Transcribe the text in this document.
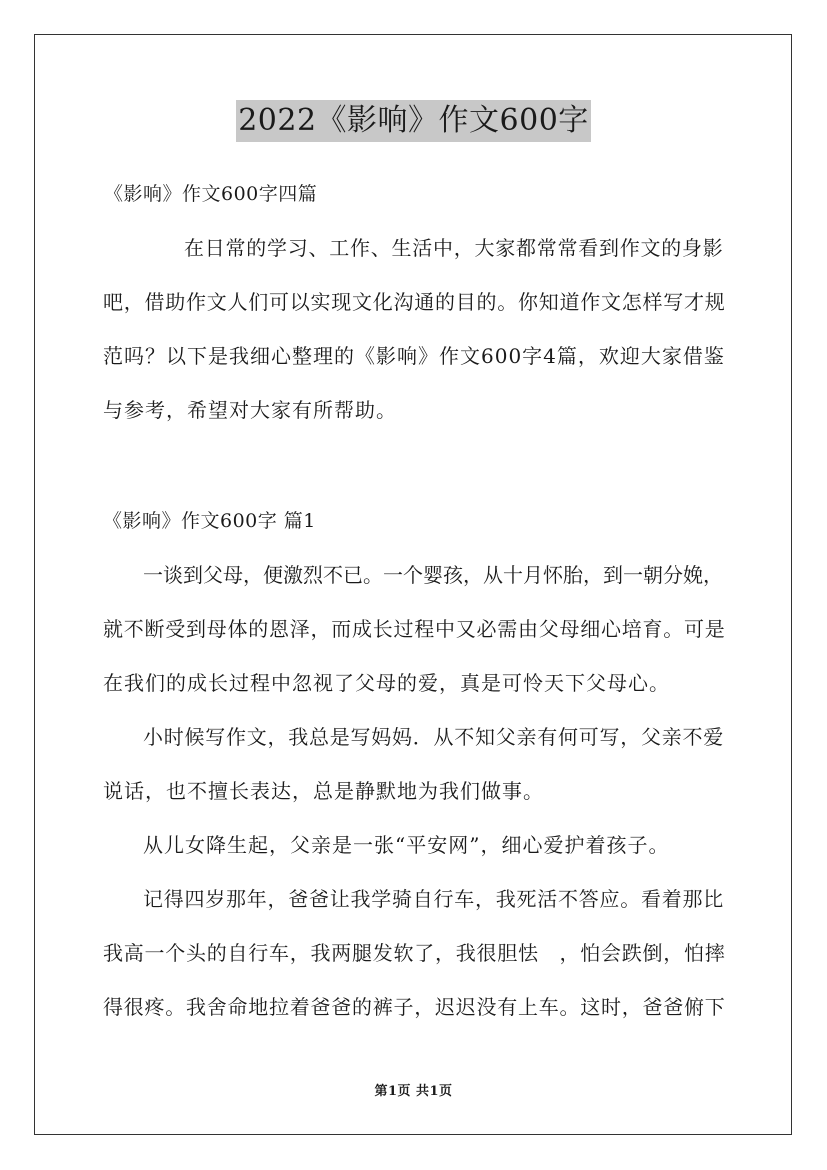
2022《影响》作文600字
《影响》作文600字四篇
在日常的学习、工作、生活中，大家都常常看到作文的身影
吧，借助作文人们可以实现文化沟通的目的。你知道作文怎样写才规
范吗？以下是我细心整理的《影响》作文600字4篇，欢迎大家借鉴
与参考，希望对大家有所帮助。
《影响》作文600字 篇1
一谈到父母，便激烈不已。一个婴孩，从十月怀胎，到一朝分娩，
就不断受到母体的恩泽，而成长过程中又必需由父母细心培育。可是
在我们的成长过程中忽视了父母的爱，真是可怜天下父母心。
小时候写作文，我总是写妈妈．从不知父亲有何可写，父亲不爱
说话，也不擅长表达，总是静默地为我们做事。
从儿女降生起，父亲是一张“平安网”，细心爱护着孩子。
记得四岁那年，爸爸让我学骑自行车，我死活不答应。看着那比
我高一个头的自行车，我两腿发软了，我很胆怯　，怕会跌倒，怕摔
得很疼。我舍命地拉着爸爸的裤子，迟迟没有上车。这时，爸爸俯下
第1页 共1页
